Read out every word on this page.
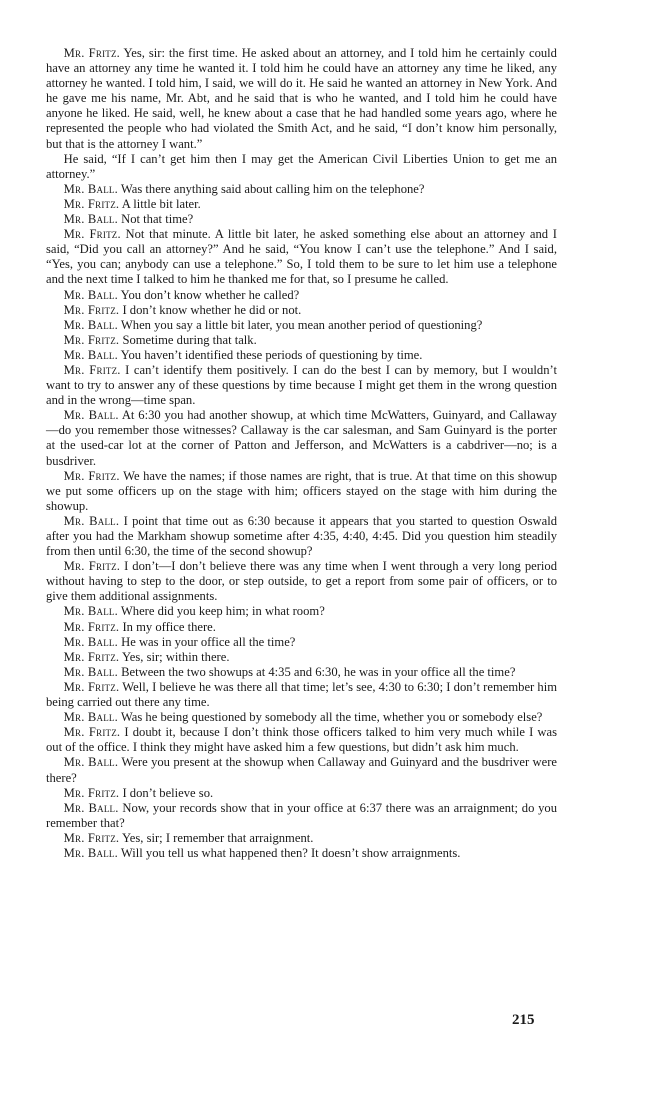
Mr. Fritz. Yes, sir: the first time. He asked about an attorney, and I told him he certainly could have an attorney any time he wanted it. I told him he could have an attorney any time he liked, any attorney he wanted. I told him, I said, we will do it. He said he wanted an attorney in New York. And he gave me his name, Mr. Abt, and he said that is who he wanted, and I told him he could have anyone he liked. He said, well, he knew about a case that he had handled some years ago, where he represented the people who had violated the Smith Act, and he said, “I don’t know him personally, but that is the attorney I want.”

He said, “If I can’t get him then I may get the American Civil Liberties Union to get me an attorney.”

Mr. Ball. Was there anything said about calling him on the telephone?

Mr. Fritz. A little bit later.

Mr. Ball. Not that time?

Mr. Fritz. Not that minute. A little bit later, he asked something else about an attorney and I said, “Did you call an attorney?” And he said, “You know I can’t use the telephone.” And I said, “Yes, you can; anybody can use a telephone.” So, I told them to be sure to let him use a telephone and the next time I talked to him he thanked me for that, so I presume he called.

Mr. Ball. You don’t know whether he called?

Mr. Fritz. I don’t know whether he did or not.

Mr. Ball. When you say a little bit later, you mean another period of questioning?

Mr. Fritz. Sometime during that talk.

Mr. Ball. You haven’t identified these periods of questioning by time.

Mr. Fritz. I can’t identify them positively. I can do the best I can by memory, but I wouldn’t want to try to answer any of these questions by time because I might get them in the wrong question and in the wrong—time span.

Mr. Ball. At 6:30 you had another showup, at which time McWatters, Guinyard, and Callaway—do you remember those witnesses? Callaway is the car salesman, and Sam Guinyard is the porter at the used-car lot at the corner of Patton and Jefferson, and McWatters is a cabdriver—no; is a busdriver.

Mr. Fritz. We have the names; if those names are right, that is true. At that time on this showup we put some officers up on the stage with him; officers stayed on the stage with him during the showup.

Mr. Ball. I point that time out as 6:30 because it appears that you started to question Oswald after you had the Markham showup sometime after 4:35, 4:40, 4:45. Did you question him steadily from then until 6:30, the time of the second showup?

Mr. Fritz. I don’t—I don’t believe there was any time when I went through a very long period without having to step to the door, or step outside, to get a report from some pair of officers, or to give them additional assignments.

Mr. Ball. Where did you keep him; in what room?

Mr. Fritz. In my office there.

Mr. Ball. He was in your office all the time?

Mr. Fritz. Yes, sir; within there.

Mr. Ball. Between the two showups at 4:35 and 6:30, he was in your office all the time?

Mr. Fritz. Well, I believe he was there all that time; let’s see, 4:30 to 6:30; I don’t remember him being carried out there any time.

Mr. Ball. Was he being questioned by somebody all the time, whether you or somebody else?

Mr. Fritz. I doubt it, because I don’t think those officers talked to him very much while I was out of the office. I think they might have asked him a few questions, but didn’t ask him much.

Mr. Ball. Were you present at the showup when Callaway and Guinyard and the busdriver were there?

Mr. Fritz. I don’t believe so.

Mr. Ball. Now, your records show that in your office at 6:37 there was an arraignment; do you remember that?

Mr. Fritz. Yes, sir; I remember that arraignment.

Mr. Ball. Will you tell us what happened then? It doesn’t show arraignments.

215
